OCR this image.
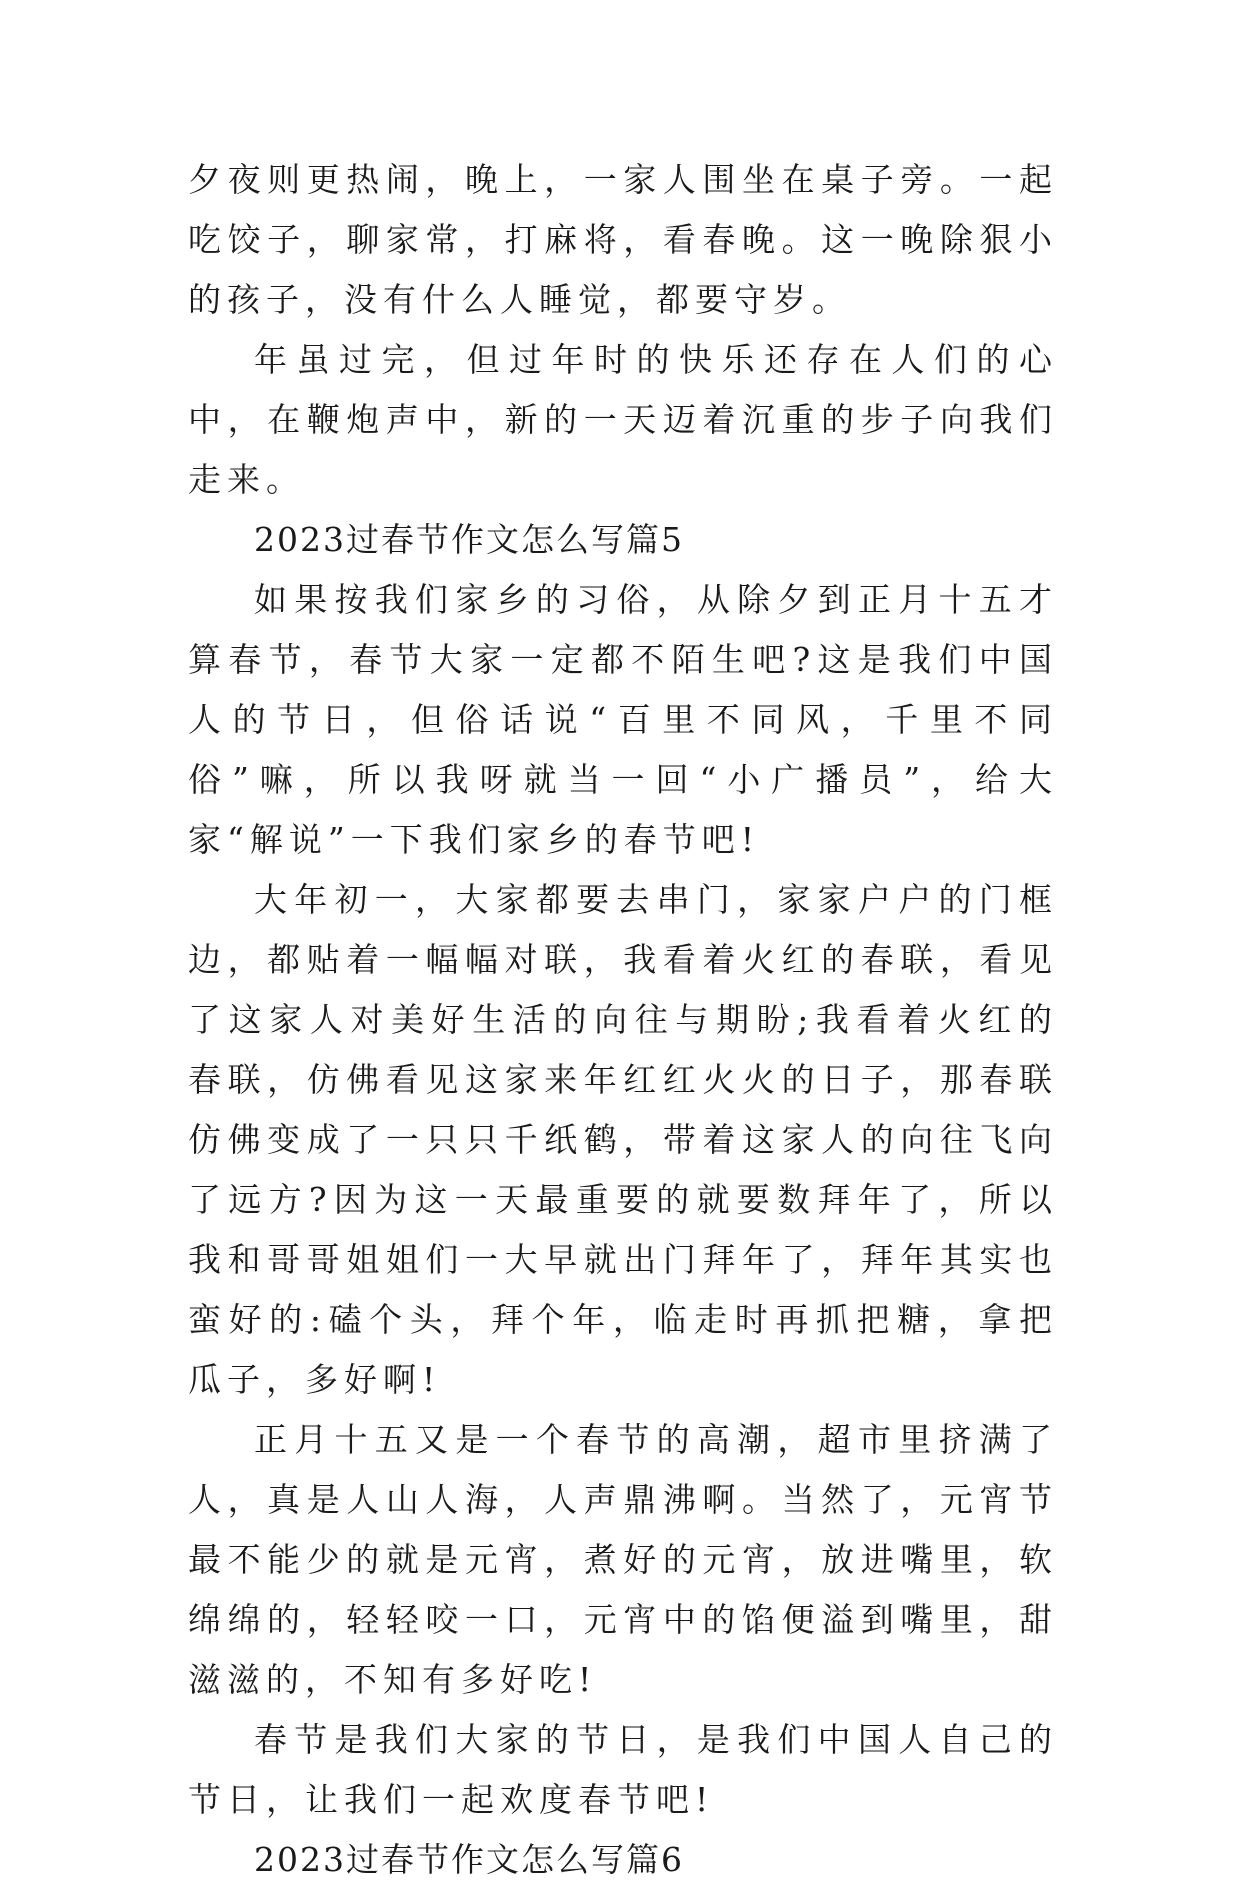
夕夜则更热闹，晚上，一家人围坐在桌子旁。一起吃饺子，聊家常，打麻将，看春晚。这一晚除狠小的孩子，没有什么人睡觉，都要守岁。

年虽过完，但过年时的快乐还存在人们的心中，在鞭炮声中，新的一天迈着沉重的步子向我们走来。

2023过春节作文怎么写篇5

如果按我们家乡的习俗，从除夕到正月十五才算春节，春节大家一定都不陌生吧?这是我们中国人的节日，但俗话说“百里不同风，千里不同俗”嘛，所以我呀就当一回“小广播员”，给大家“解说”一下我们家乡的春节吧!

大年初一，大家都要去串门，家家户户的门框边，都贴着一幅幅对联，我看着火红的春联，看见了这家人对美好生活的向往与期盼;我看着火红的春联，仿佛看见这家来年红红火火的日子，那春联仿佛变成了一只只千纸鹤，带着这家人的向往飞向了远方?因为这一天最重要的就要数拜年了，所以我和哥哥姐姐们一大早就出门拜年了，拜年其实也蛮好的:磕个头，拜个年，临走时再抓把糖，拿把瓜子，多好啊!

正月十五又是一个春节的高潮，超市里挤满了人，真是人山人海，人声鼎沸啊。当然了，元宵节最不能少的就是元宵，煮好的元宵，放进嘴里，软绵绵的，轻轻咬一口，元宵中的馅便溢到嘴里，甜滋滋的，不知有多好吃!

春节是我们大家的节日，是我们中国人自己的节日，让我们一起欢度春节吧!

2023过春节作文怎么写篇6
